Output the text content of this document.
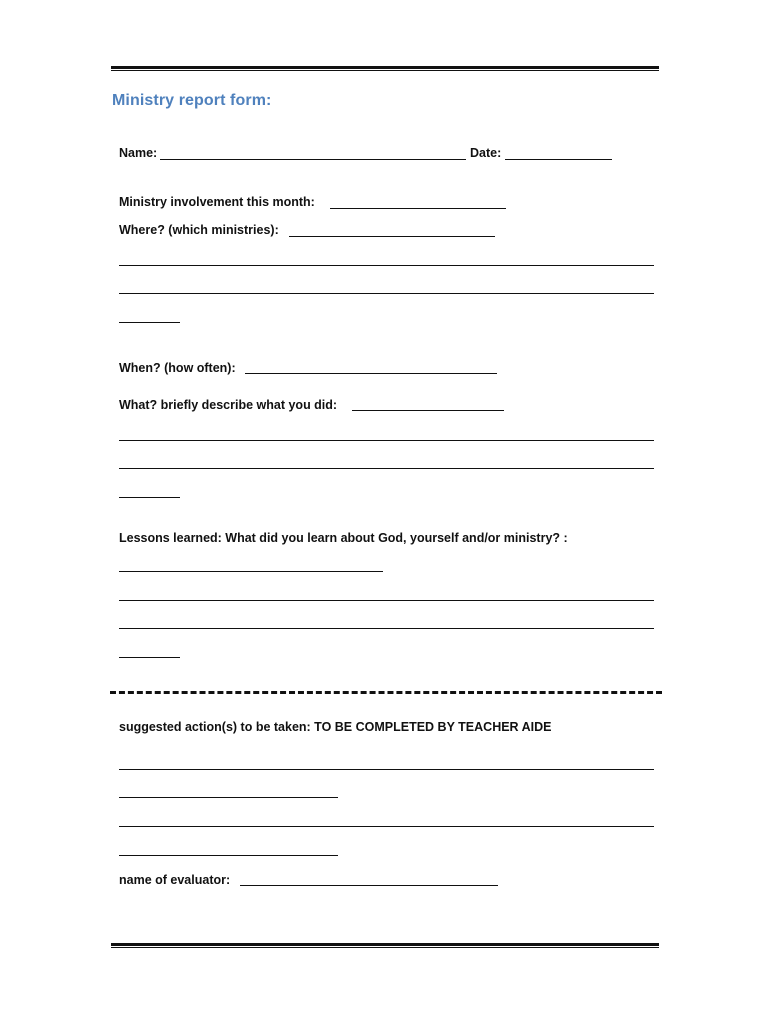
Ministry report form:
Name:	Date:
Ministry involvement this month:
Where? (which ministries):
When? (how often):
What? briefly describe what you did:
Lessons learned: What did you learn about God, yourself and/or ministry? :
suggested action(s) to be taken: TO BE COMPLETED BY TEACHER AIDE
name of evaluator:
